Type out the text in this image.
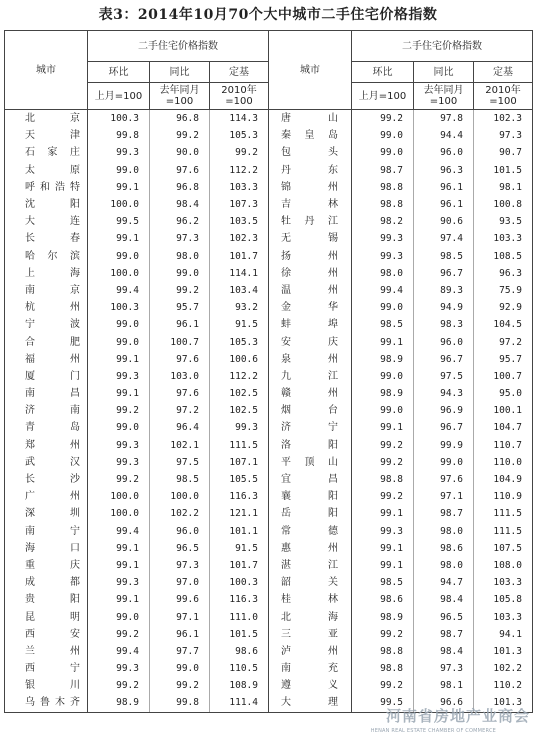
表3：2014年10月70个大中城市二手住宅价格指数
城市	二手住宅价格指数			城市	二手住宅价格指数		
	环比	同比	定基		环比	同比	定基
	上月=100	去年同月=100	2010年=100		上月=100	去年同月=100	2010年=100
北　京	100.3	96.8	114.3	唐　山	99.2	97.8	102.3
天　津	99.8	99.2	105.3	秦皇岛	99.0	94.4	97.3
石家庄	99.3	90.0	99.2	包　头	99.0	96.0	90.7
太　原	99.0	97.6	112.2	丹　东	98.7	96.3	101.5
呼和浩特	99.1	96.8	103.3	锦　州	98.8	96.1	98.1
沈　阳	100.0	98.4	107.3	吉　林	98.8	96.1	100.8
大　连	99.5	96.2	103.5	牡丹江	98.2	90.6	93.5
长　春	99.1	97.3	102.3	无　锡	99.3	97.4	103.3
哈尔滨	99.0	98.0	101.7	扬　州	99.3	98.5	108.5
上　海	100.0	99.0	114.1	徐　州	98.0	96.7	96.3
南　京	99.4	99.2	103.4	温　州	99.4	89.3	75.9
杭　州	100.3	95.7	93.2	金　华	99.0	94.9	92.9
宁　波	99.0	96.1	91.5	蚌　埠	98.5	98.3	104.5
合　肥	99.0	100.7	105.3	安　庆	99.1	96.0	97.2
福　州	99.1	97.6	100.6	泉　州	98.9	96.7	95.7
厦　门	99.3	103.0	112.2	九　江	99.0	97.5	100.7
南　昌	99.1	97.6	102.5	赣　州	98.9	94.3	95.0
济　南	99.2	97.2	102.5	烟　台	99.0	96.9	100.1
青　岛	99.0	96.4	99.3	济　宁	99.1	96.7	104.7
郑　州	99.3	102.1	111.5	洛　阳	99.2	99.9	110.7
武　汉	99.3	97.5	107.1	平顶山	99.2	99.0	110.0
长　沙	99.2	98.5	105.5	宜　昌	98.8	97.6	104.9
广　州	100.0	100.0	116.3	襄　阳	99.2	97.1	110.9
深　圳	100.0	102.2	121.1	岳　阳	99.1	98.7	111.5
南　宁	99.4	96.0	101.1	常　德	99.3	98.0	111.5
海　口	99.1	96.5	91.5	惠　州	99.1	98.6	107.5
重　庆	99.1	97.3	101.7	湛　江	99.1	98.0	108.0
成　都	99.3	97.0	100.3	韶　关	98.5	94.7	103.3
贵　阳	99.1	99.6	116.3	桂　林	98.6	98.4	105.8
昆　明	99.0	97.1	111.0	北　海	98.9	96.5	103.3
西　安	99.2	96.1	101.5	三　亚	99.2	98.7	94.1
兰　州	99.4	97.7	98.6	泸　州	98.8	98.4	101.3
西　宁	99.3	99.0	110.5	南　充	98.8	97.3	102.2
银　川	99.2	99.2	108.9	遵　义	99.2	98.1	110.2
乌鲁木齐	98.9	99.8	111.4	大　理	99.5	96.6	101.3
河南省房地产业商会
HENAN REAL ESTATE CHAMBER OF COMMERCE
